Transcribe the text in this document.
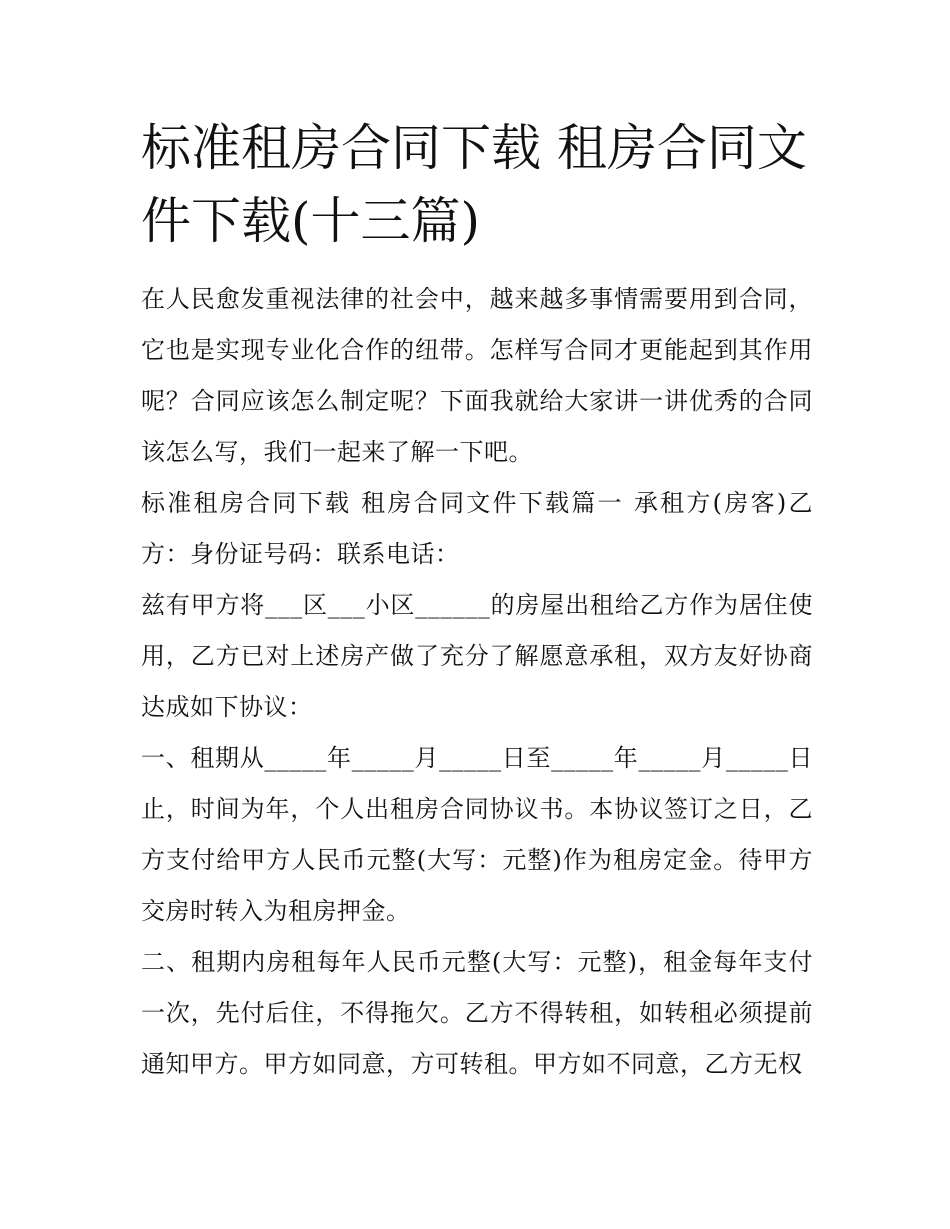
标准租房合同下载 租房合同文件下载(十三篇)

在人民愈发重视法律的社会中，越来越多事情需要用到合同，它也是实现专业化合作的纽带。怎样写合同才更能起到其作用呢？合同应该怎么制定呢？下面我就给大家讲一讲优秀的合同该怎么写，我们一起来了解一下吧。

标准租房合同下载 租房合同文件下载篇一 承租方(房客)乙方：身份证号码：联系电话：

兹有甲方将___区___小区______的房屋出租给乙方作为居住使用，乙方已对上述房产做了充分了解愿意承租，双方友好协商达成如下协议：

一、租期从_____年_____月_____日至_____年_____月_____日止，时间为年，个人出租房合同协议书。本协议签订之日，乙方支付给甲方人民币元整(大写：元整)作为租房定金。待甲方交房时转入为租房押金。

二、租期内房租每年人民币元整(大写：元整)，租金每年支付一次，先付后住，不得拖欠。乙方不得转租，如转租必须提前通知甲方。甲方如同意，方可转租。甲方如不同意，乙方无权
